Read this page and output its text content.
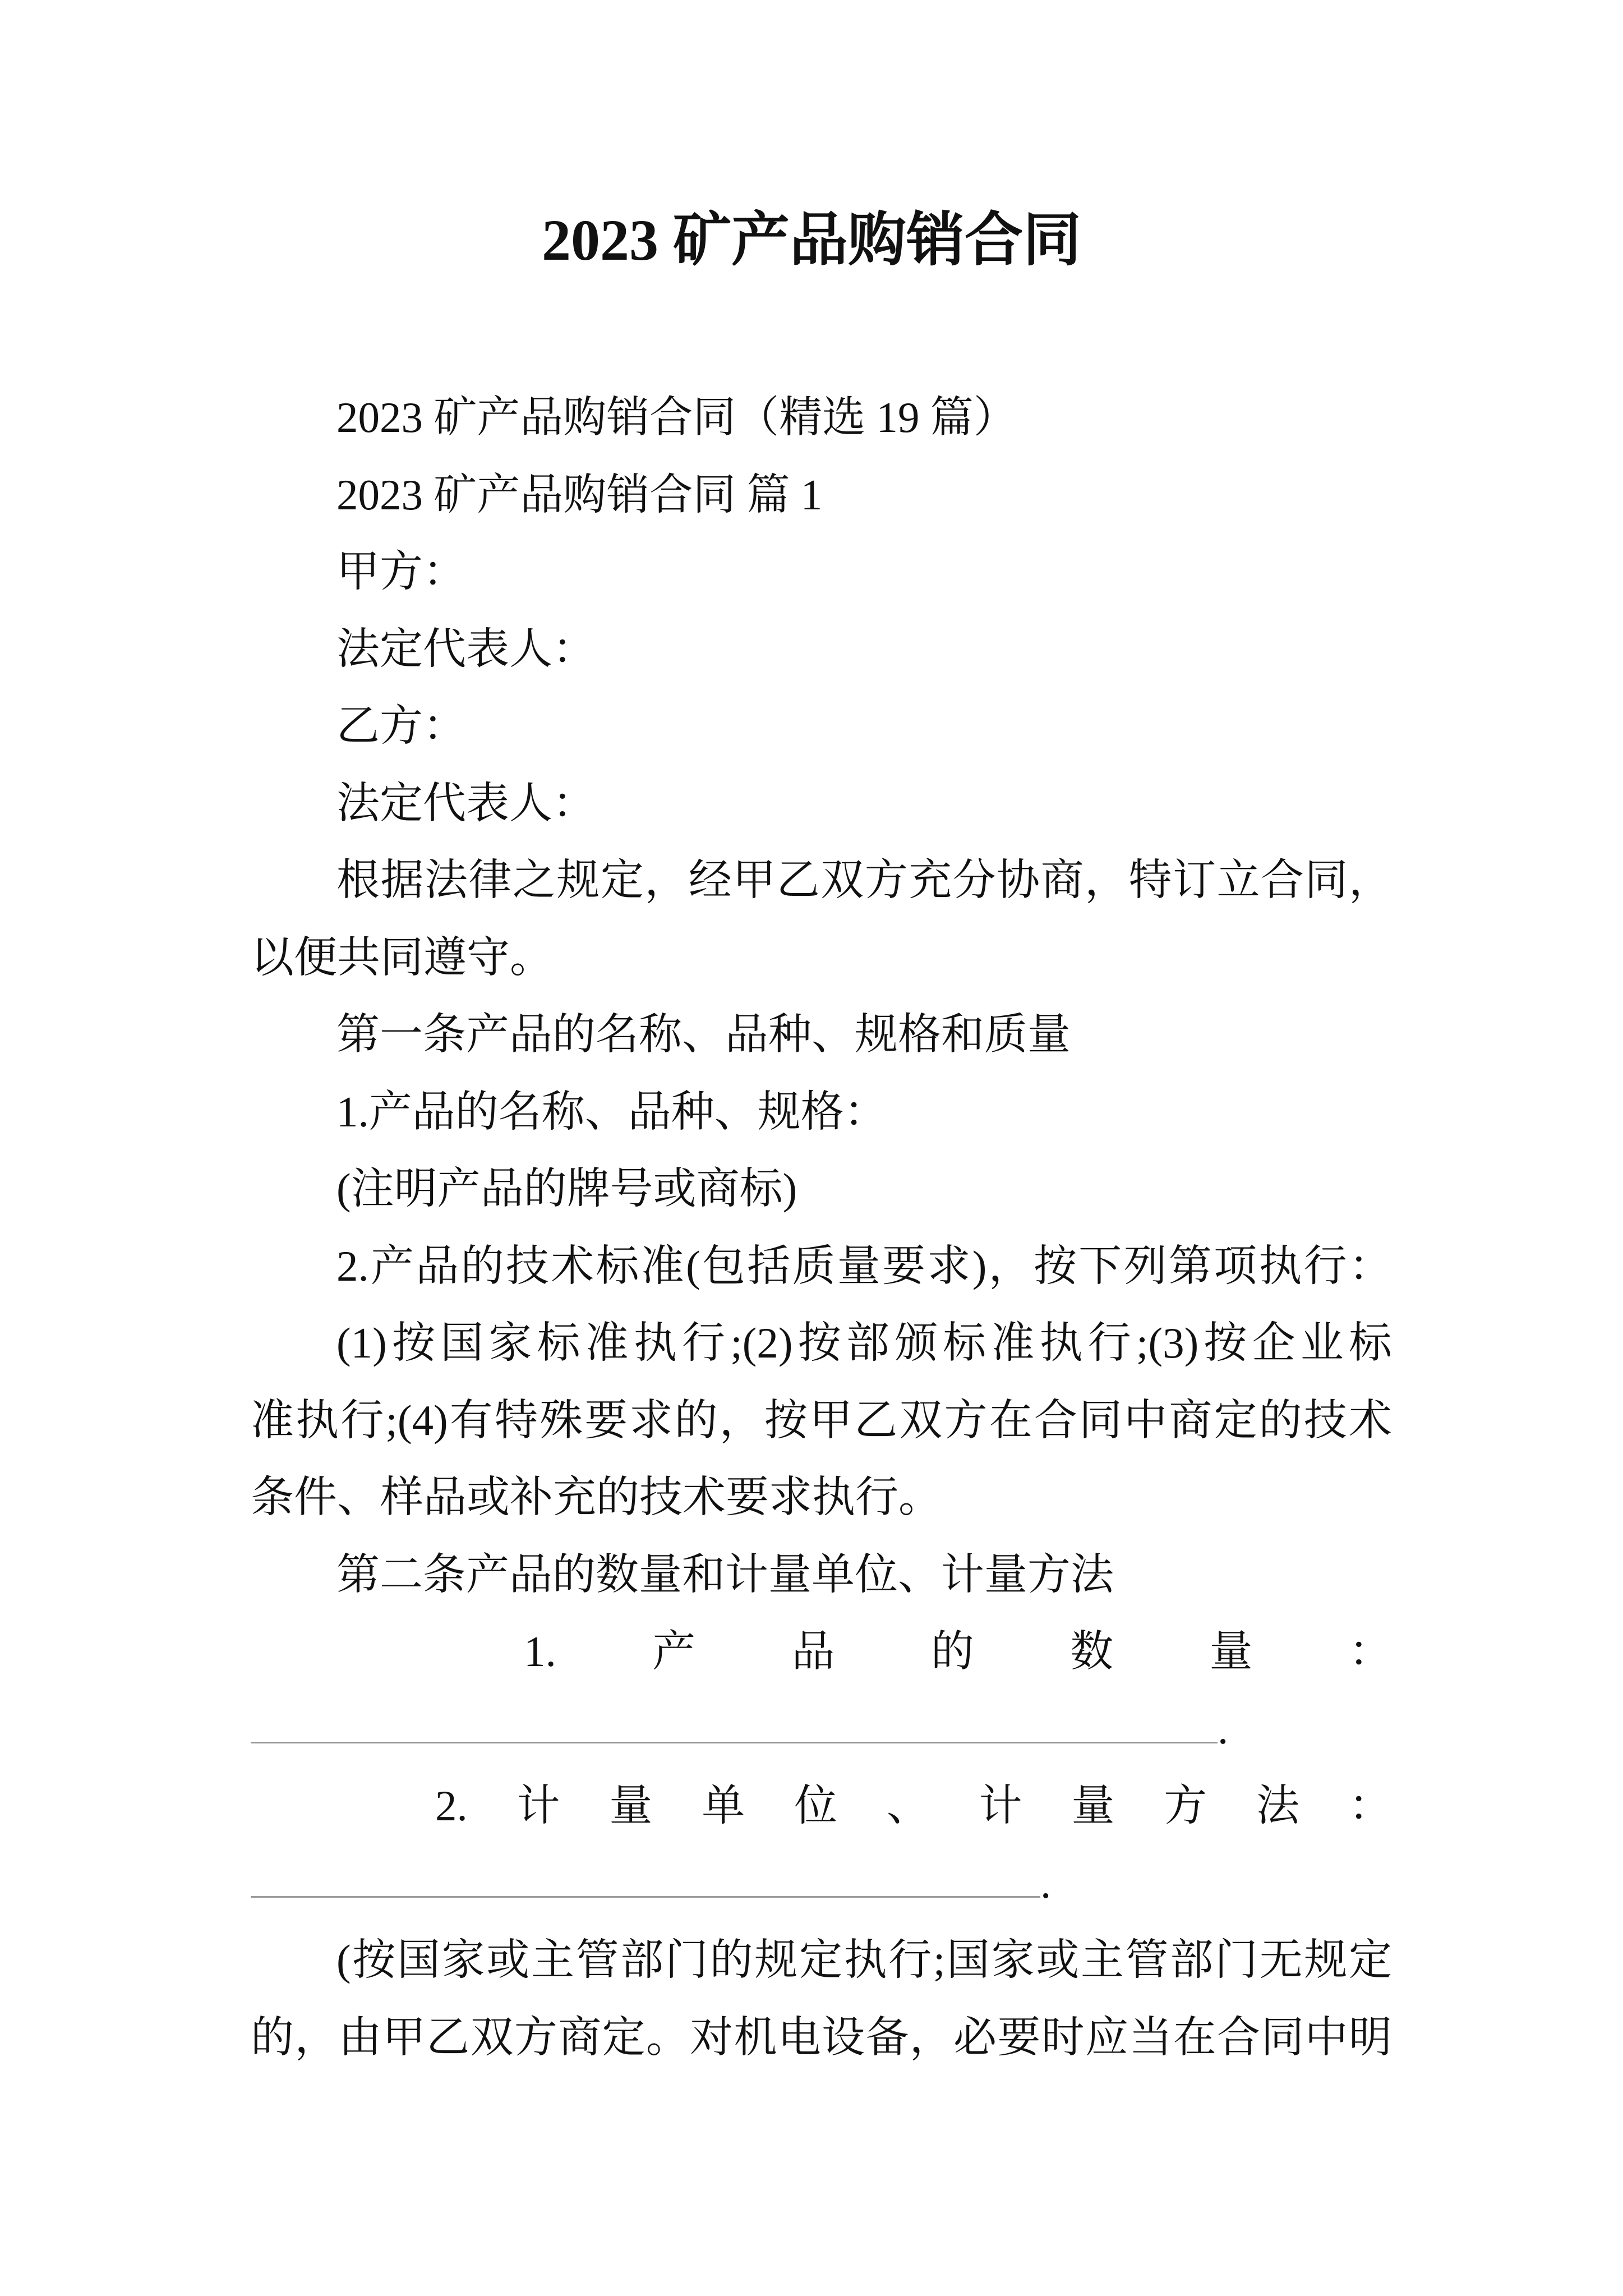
2023 矿产品购销合同
2023 矿产品购销合同（精选 19 篇）
2023 矿产品购销合同 篇 1
甲方：
法定代表人：
乙方：
法定代表人：
根据法律之规定，经甲乙双方充分协商，特订立合同，
以便共同遵守。
第一条产品的名称、品种、规格和质量
1.产品的名称、品种、规格：
(注明产品的牌号或商标)
2.产品的技术标准(包括质量要求)，按下列第项执行：
(1)按国家标准执行;(2)按部颁标准执行;(3)按企业标
准执行;(4)有特殊要求的，按甲乙双方在合同中商定的技术
条件、样品或补充的技术要求执行。
第二条产品的数量和计量单位、计量方法
1. 产 品 的 数 量 ：
.
2. 计 量 单 位 、 计 量 方 法 ：
.
(按国家或主管部门的规定执行;国家或主管部门无规定
的，由甲乙双方商定。对机电设备，必要时应当在合同中明
